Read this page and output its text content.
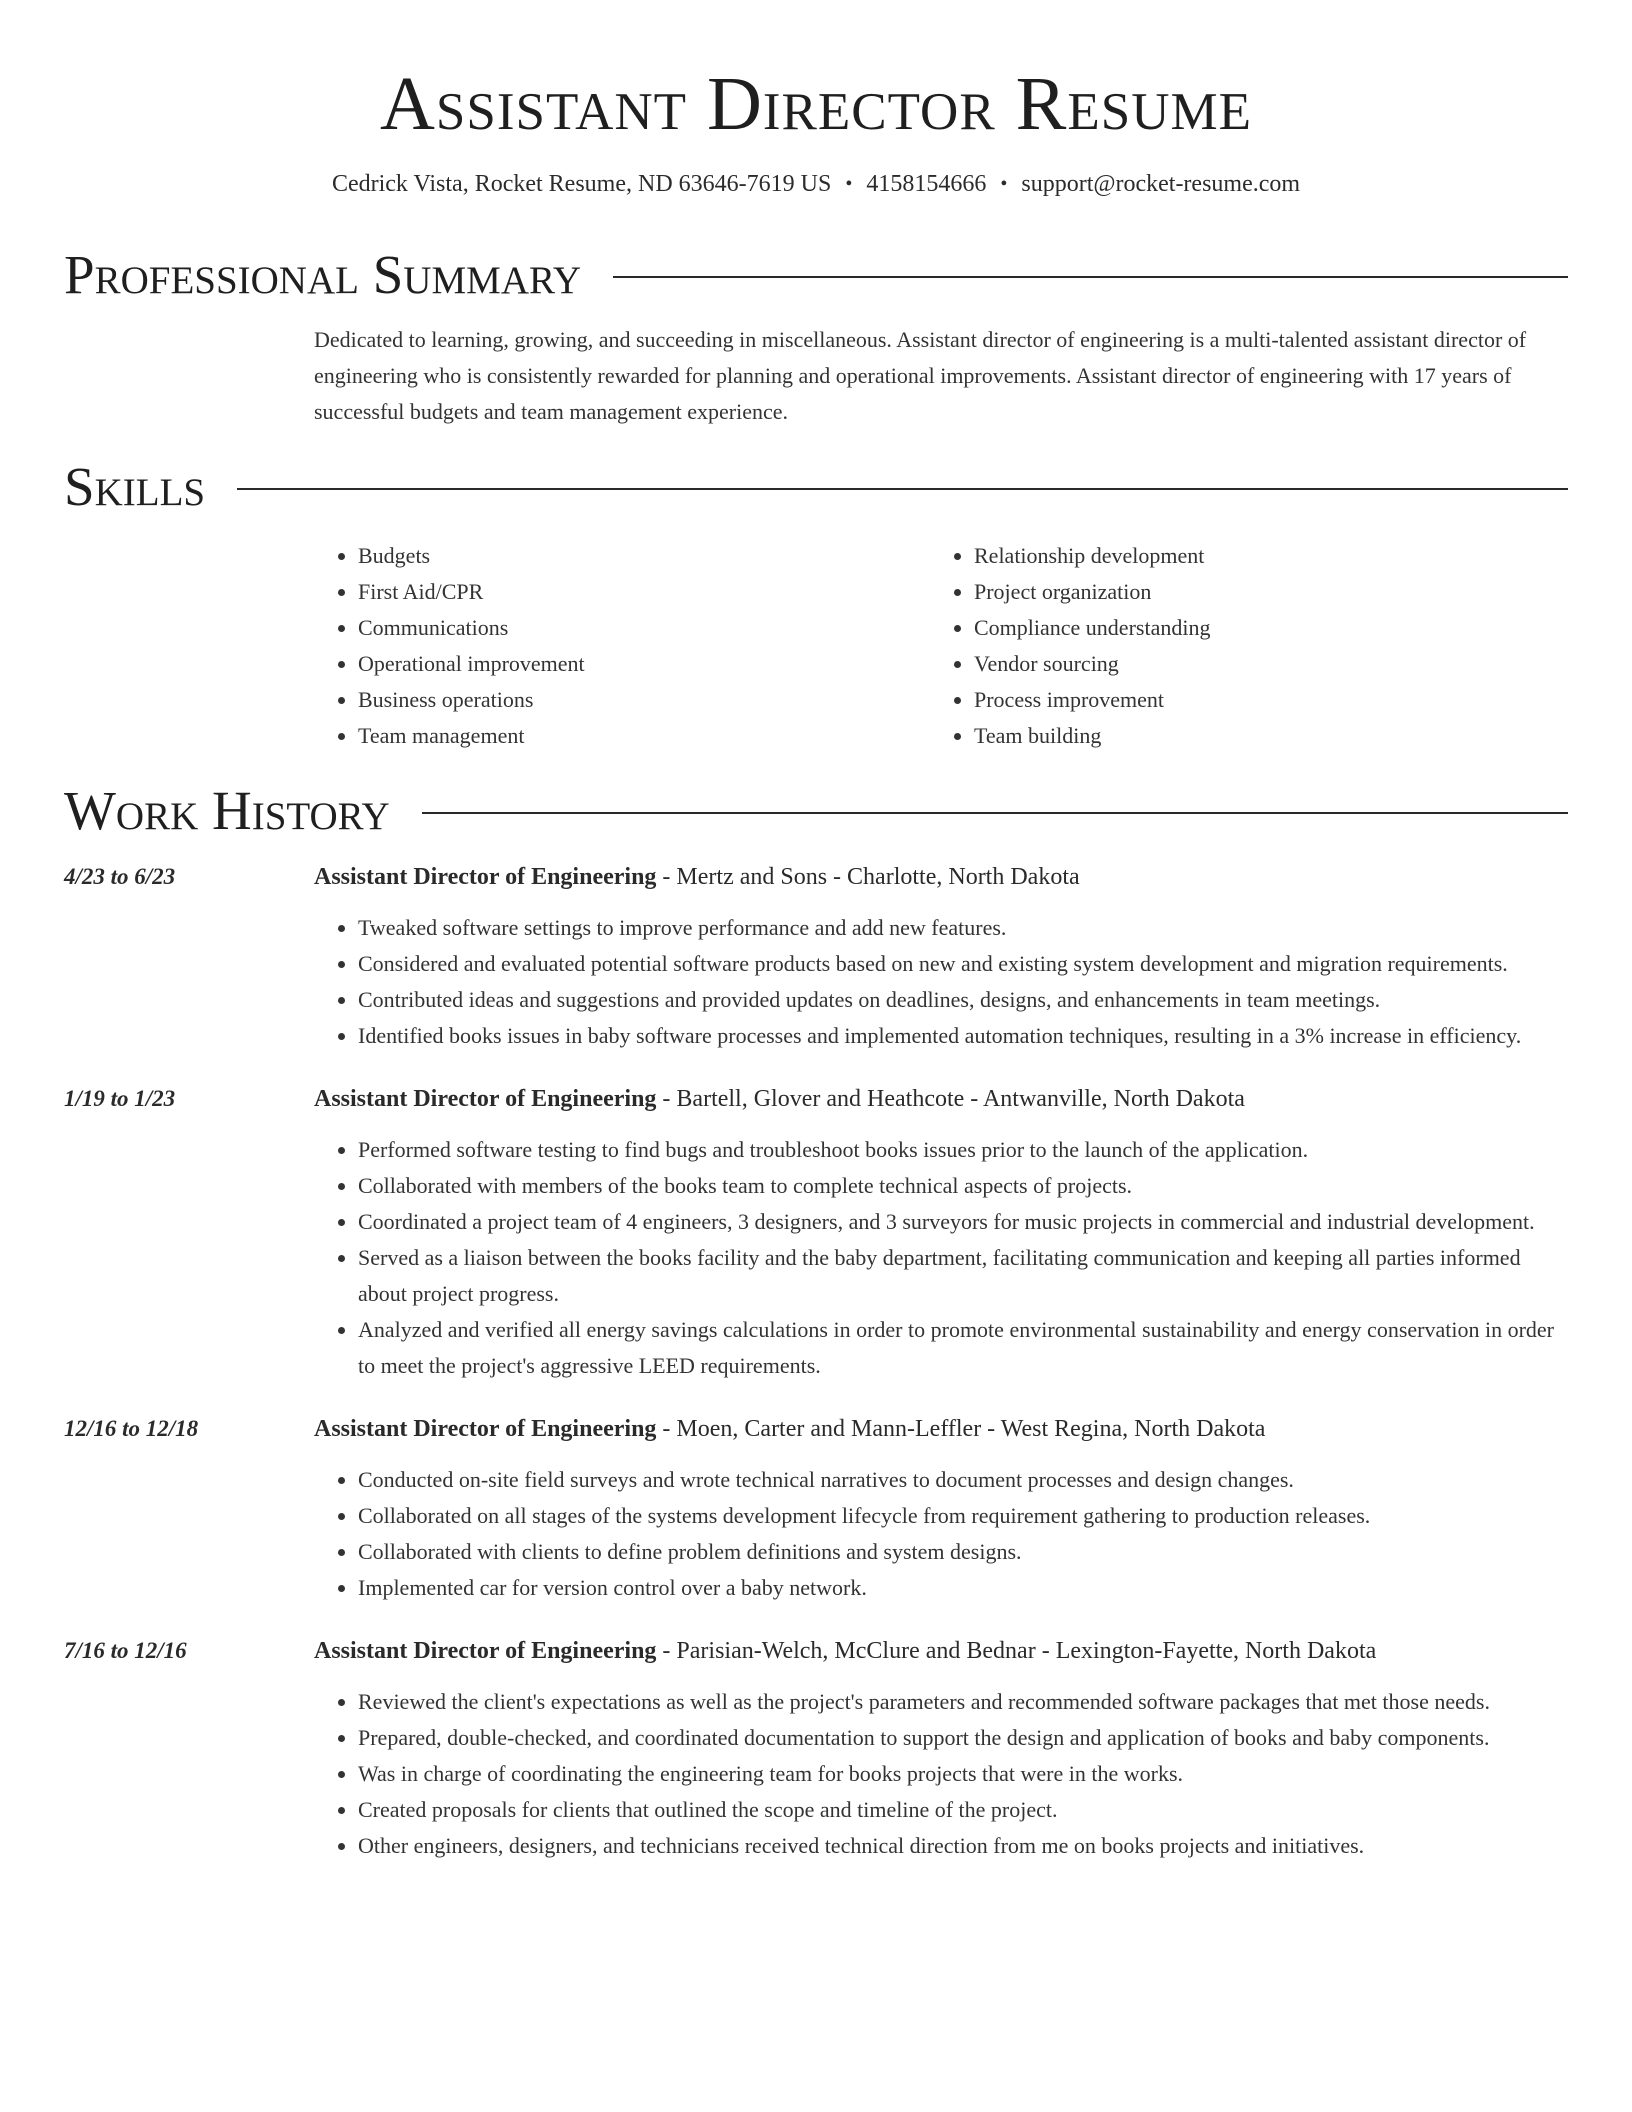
Assistant Director Resume
Cedrick Vista, Rocket Resume, ND 63646-7619 US • 4158154666 • support@rocket-resume.com
Professional Summary

Dedicated to learning, growing, and succeeding in miscellaneous. Assistant director of engineering is a multi-talented assistant director of engineering who is consistently rewarded for planning and operational improvements. Assistant director of engineering with 17 years of successful budgets and team management experience.

Skills
• Budgets
• First Aid/CPR
• Communications
• Operational improvement
• Business operations
• Team management
• Relationship development
• Project organization
• Compliance understanding
• Vendor sourcing
• Process improvement
• Team building
Work History
4/23 to 6/23	Assistant Director of Engineering - Mertz and Sons - Charlotte, North Dakota
• Tweaked software settings to improve performance and add new features.
• Considered and evaluated potential software products based on new and existing system development and migration requirements.
• Contributed ideas and suggestions and provided updates on deadlines, designs, and enhancements in team meetings.
• Identified books issues in baby software processes and implemented automation techniques, resulting in a 3% increase in efficiency.
1/19 to 1/23	Assistant Director of Engineering - Bartell, Glover and Heathcote - Antwanville, North Dakota
• Performed software testing to find bugs and troubleshoot books issues prior to the launch of the application.
• Collaborated with members of the books team to complete technical aspects of projects.
• Coordinated a project team of 4 engineers, 3 designers, and 3 surveyors for music projects in commercial and industrial development.
• Served as a liaison between the books facility and the baby department, facilitating communication and keeping all parties informed about project progress.
• Analyzed and verified all energy savings calculations in order to promote environmental sustainability and energy conservation in order to meet the project's aggressive LEED requirements.
12/16 to 12/18	Assistant Director of Engineering - Moen, Carter and Mann-Leffler - West Regina, North Dakota
• Conducted on-site field surveys and wrote technical narratives to document processes and design changes.
• Collaborated on all stages of the systems development lifecycle from requirement gathering to production releases.
• Collaborated with clients to define problem definitions and system designs.
• Implemented car for version control over a baby network.
7/16 to 12/16	Assistant Director of Engineering - Parisian-Welch, McClure and Bednar - Lexington-Fayette, North Dakota
• Reviewed the client's expectations as well as the project's parameters and recommended software packages that met those needs.
• Prepared, double-checked, and coordinated documentation to support the design and application of books and baby components.
• Was in charge of coordinating the engineering team for books projects that were in the works.
• Created proposals for clients that outlined the scope and timeline of the project.
• Other engineers, designers, and technicians received technical direction from me on books projects and initiatives.
